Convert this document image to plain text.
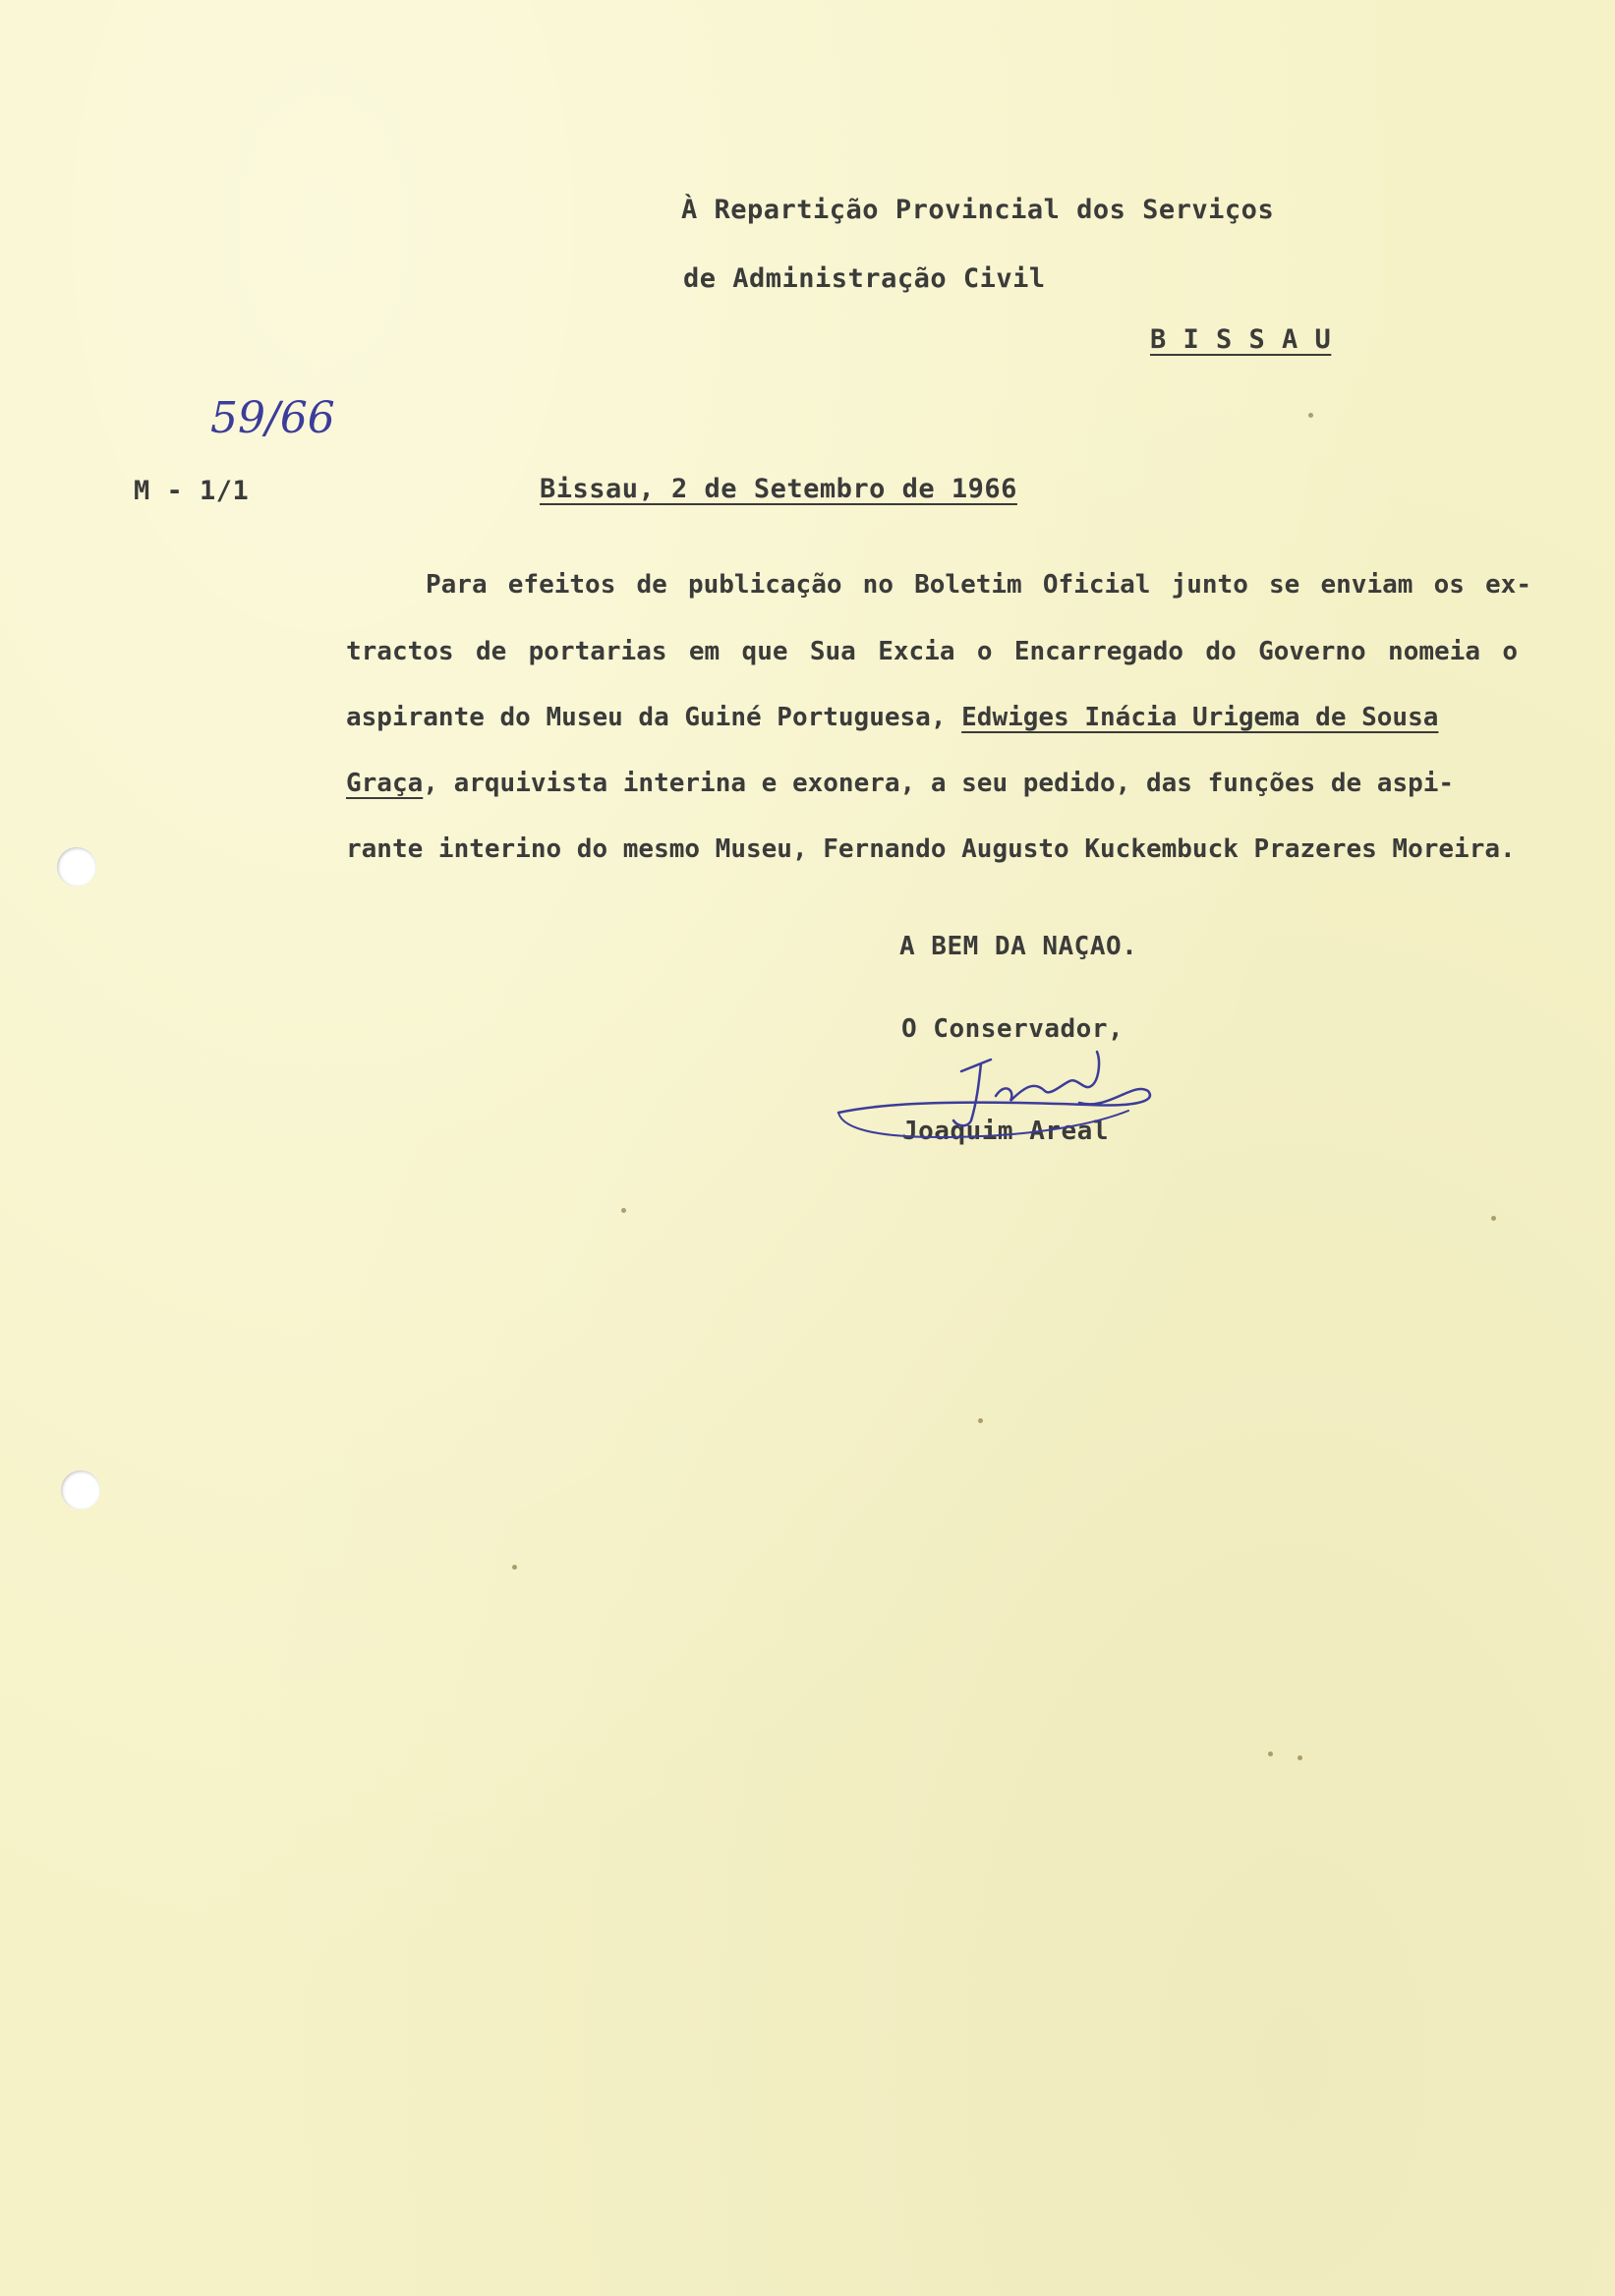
À Repartição Provincial dos Serviços
de Administração Civil
B I S S A U
59/66
M - 1/1	Bissau, 2 de Setembro de 1966
Para efeitos de publicação no Boletim Oficial junto se enviam os ex-
tractos de portarias em que Sua Excia o Encarregado do Governo nomeia o
aspirante do Museu da Guiné Portuguesa, Edwiges Inácia Urigema de Sousa
Graça, arquivista interina e exonera, a seu pedido, das funções de aspi-
rante interino do mesmo Museu, Fernando Augusto Kuckembuck Prazeres Moreira.
A BEM DA NAÇAO.
O Conservador,
Joaquim Areal
